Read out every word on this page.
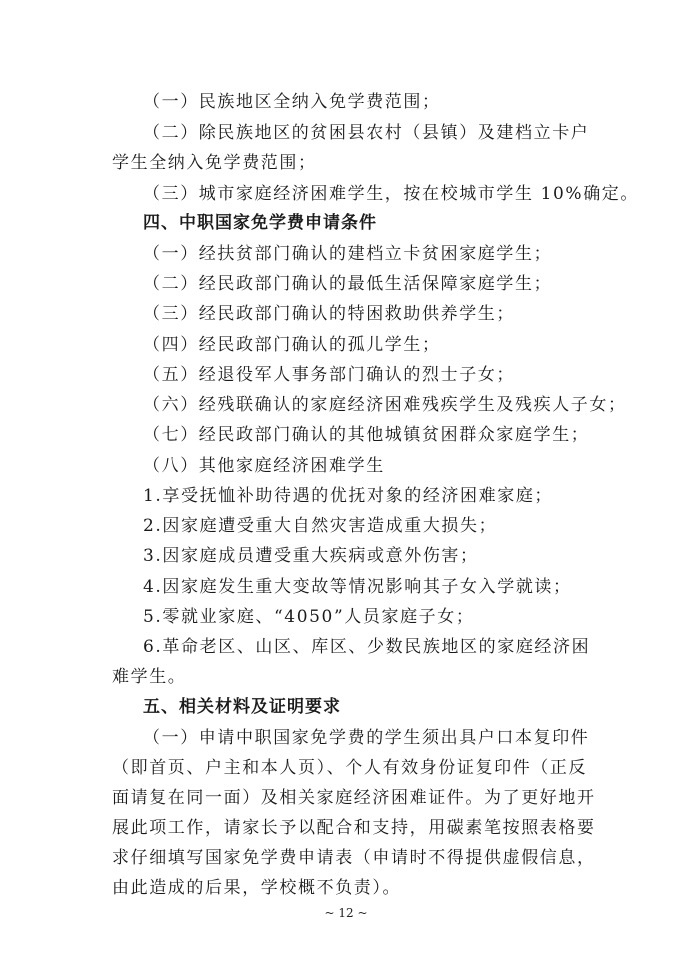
（一）民族地区全纳入免学费范围；
（二）除民族地区的贫困县农村（县镇）及建档立卡户
学生全纳入免学费范围；
（三）城市家庭经济困难学生，按在校城市学生 10%确定。
四、中职国家免学费申请条件
（一）经扶贫部门确认的建档立卡贫困家庭学生；
（二）经民政部门确认的最低生活保障家庭学生；
（三）经民政部门确认的特困救助供养学生；
（四）经民政部门确认的孤儿学生；
（五）经退役军人事务部门确认的烈士子女；
（六）经残联确认的家庭经济困难残疾学生及残疾人子女；
（七）经民政部门确认的其他城镇贫困群众家庭学生；
（八）其他家庭经济困难学生
1.享受抚恤补助待遇的优抚对象的经济困难家庭；
2.因家庭遭受重大自然灾害造成重大损失；
3.因家庭成员遭受重大疾病或意外伤害；
4.因家庭发生重大变故等情况影响其子女入学就读；
5.零就业家庭、“4050”人员家庭子女；
6.革命老区、山区、库区、少数民族地区的家庭经济困
难学生。
五、相关材料及证明要求
（一）申请中职国家免学费的学生须出具户口本复印件
（即首页、户主和本人页）、个人有效身份证复印件（正反
面请复在同一面）及相关家庭经济困难证件。为了更好地开
展此项工作，请家长予以配合和支持，用碳素笔按照表格要
求仔细填写国家免学费申请表（申请时不得提供虚假信息，
由此造成的后果，学校概不负责）。
~ 12 ~
